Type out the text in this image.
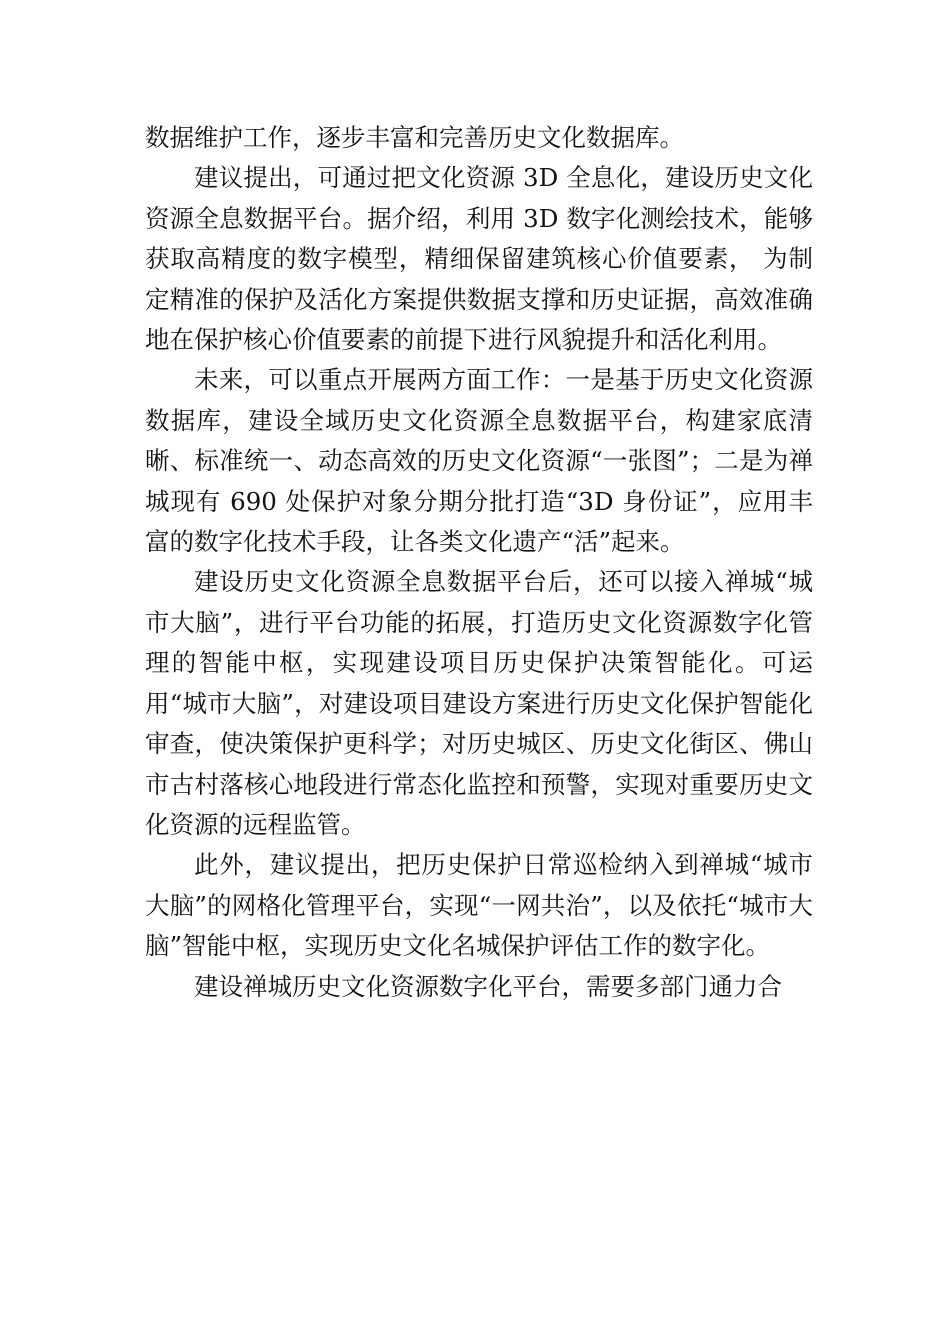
数据维护工作，逐步丰富和完善历史文化数据库。

建议提出，可通过把文化资源 3D 全息化，建设历史文化资源全息数据平台。据介绍，利用 3D 数字化测绘技术，能够获取高精度的数字模型，精细保留建筑核心价值要素， 为制定精准的保护及活化方案提供数据支撑和历史证据，高效准确地在保护核心价值要素的前提下进行风貌提升和活化利用。

未来，可以重点开展两方面工作：一是基于历史文化资源数据库，建设全域历史文化资源全息数据平台，构建家底清晰、标准统一、动态高效的历史文化资源“一张图”；二是为禅城现有 690 处保护对象分期分批打造“3D 身份证”，应用丰富的数字化技术手段，让各类文化遗产“活”起来。

建设历史文化资源全息数据平台后，还可以接入禅城“城市大脑”，进行平台功能的拓展，打造历史文化资源数字化管理的智能中枢，实现建设项目历史保护决策智能化。可运用“城市大脑”，对建设项目建设方案进行历史文化保护智能化审查，使决策保护更科学；对历史城区、历史文化街区、佛山市古村落核心地段进行常态化监控和预警，实现对重要历史文化资源的远程监管。

此外，建议提出，把历史保护日常巡检纳入到禅城“城市大脑”的网格化管理平台，实现“一网共治”，以及依托“城市大脑”智能中枢，实现历史文化名城保护评估工作的数字化。

建设禅城历史文化资源数字化平台，需要多部门通力合
